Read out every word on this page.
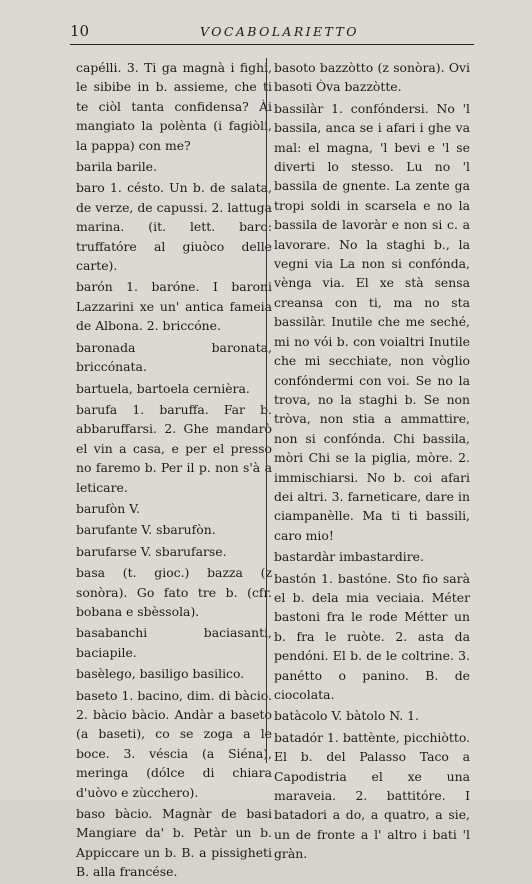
10	VOCABOLARIETTO

capélli. 3. Ti ga magnà i fighi, le sibibe in b. assieme, che ti te ciòl tanta confidensa? Ài mangiato la polènta (i fagiòli, la pappa) con me?

barila barile.

baro 1. césto. Un b. de salata, de verze, de capussi. 2. lattuga marina. (it. lett. baro: truffatóre al giuòco delle carte).

barón 1. baróne. I baroni Lazzarini xe un' antica fameia de Albona. 2. briccóne.

baronada baronata, briccónata.

bartuela, bartoela cernièra.

barufa 1. baruffa. Far b. abbaruffarsi. 2. Ghe mandarò el vin a casa, e per el presso no faremo b. Per il p. non s'à a leticare.

barufòn V.

barufante V. sbarufòn.

barufarse V. sbarufarse.

basa (t. gioc.) bazza (z sonòra). Go fato tre b. (cfr. bobana e sbèssola).

basabanchi baciasanti, baciapile.

basèlego, basiligo basilico.

baseto 1. bacino, dim. di bàcio. 2. bàcio bàcio. Andàr a baseto (a baseti), co se zoga a le boce. 3. véscia (a Siéna), meringa (dólce di chiara d'uòvo e zùcchero).

baso bàcio. Magnàr de basi Mangiare da' b. Petàr un b. Appiccare un b. B. a pissigheti B. alla francése.

basoto bazzòtto (z sonòra). Ovi basoti Òva bazzòtte.

bassilàr 1. confóndersi. No 'l bassila, anca se i afari i ghe va mal: el magna, 'l bevi e 'l se diverti lo stesso. Lu no 'l bassila de gnente. La zente ga tropi soldi in scarsela e no la bassila de lavoràr e non si c. a lavorare. No la staghi b., la vegni via La non si confónda, vènga via. El xe stà sensa creansa con ti, ma no sta bassilàr. Inutile che me seché, mi no vói b. con voialtri Inutile che mi secchiate, non vòglio confóndermi con voi. Se no la trova, no la staghi b. Se non tròva, non stia a ammattire, non si confónda. Chi bassila, mòri Chi se la piglia, mòre. 2. immischiarsi. No b. coi afari dei altri. 3. farneticare, dare in ciampanèlle. Ma ti ti bassili, caro mio!

bastardàr imbastardire.

bastón 1. bastóne. Sto fio sarà el b. dela mia veciaia. Méter bastoni fra le rode Métter un b. fra le ruòte. 2. asta da pendóni. El b. de le coltrine. 3. panétto o panino. B. de ciocolata.

batàcolo V. bàtolo N. 1.

batadór 1. battènte, picchiòtto. El b. del Palasso Taco a Capodistria el xe una maraveia. 2. battitóre. I batadori a do, a quatro, a sie, un de fronte a l' altro i bati 'l gràn.
